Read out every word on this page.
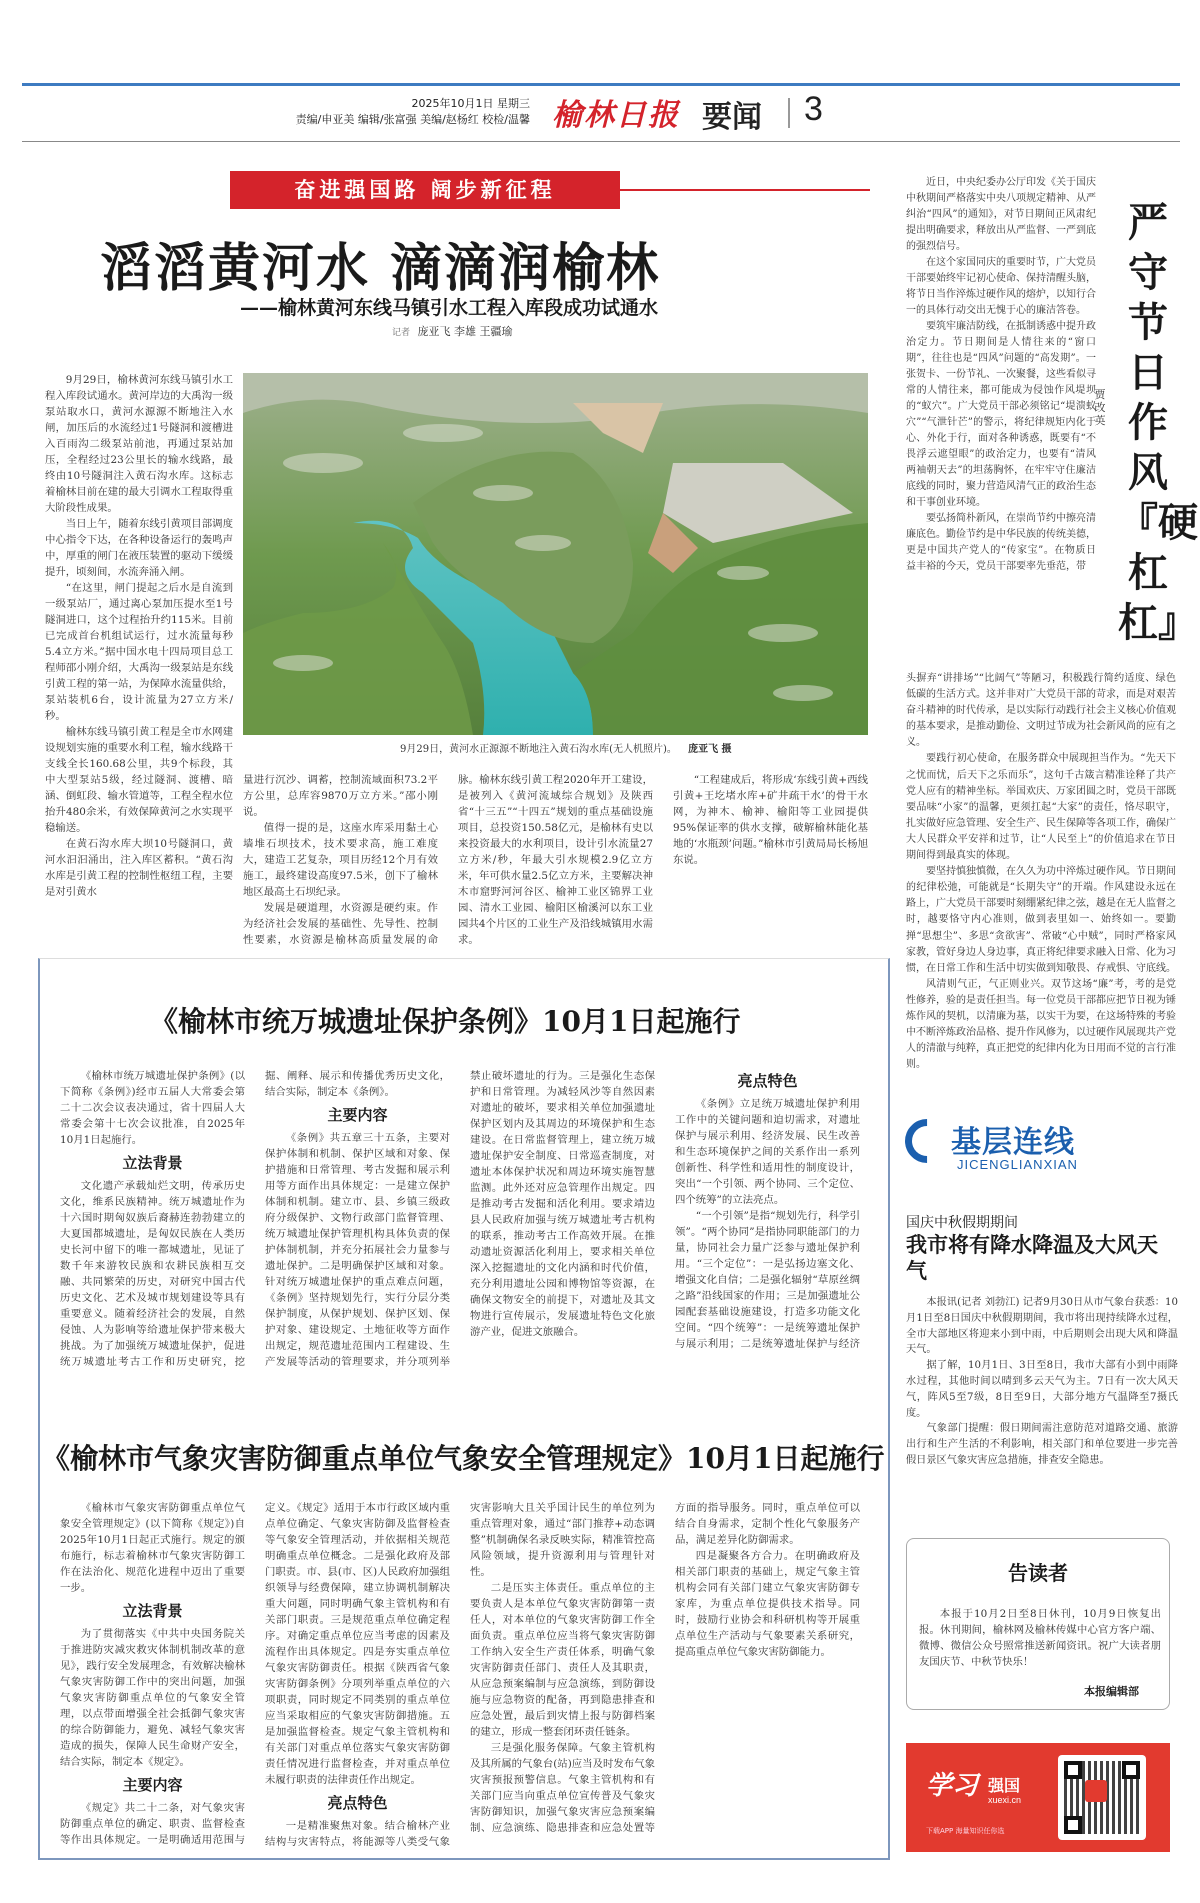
2025年10月1日 星期三
责编/申亚美 编辑/张富强 美编/赵杨红 校检/温馨 榆林日报 要闻 3
奋进强国路 阔步新征程
滔滔黄河水 滴滴润榆林
——榆林黄河东线马镇引水工程入库段成功试通水
记者 庞亚飞 李雄 王疆瑜

9月29日，榆林黄河东线马镇引水工程入库段试通水。黄河岸边的大禹沟一级泵站取水口，黄河水源源不断地注入水闸，加压后的水流经过1号隧洞和渡槽进入百雨沟二级泵站前池，再通过泵站加压，全程经过23公里长的输水线路，最终由10号隧洞注入黄石沟水库。这标志着榆林目前在建的最大引调水工程取得重大阶段性成果。

当日上午，随着东线引黄项目部调度中心指令下达，在各种设备运行的轰鸣声中，厚重的闸门在液压装置的驱动下缓缓提升，顷刻间，水流奔涌入闸。

“在这里，闸门提起之后水是自流到一级泵站厂，通过离心泵加压提水至1号隧洞进口，这个过程抬升约115米。目前已完成首台机组试运行，过水流量每秒5.4立方米。”据中国水电十四局项目总工程师邵小刚介绍，大禹沟一级泵站是东线引黄工程的第一站，为保障水流量供给，泵站装机6台，设计流量为27立方米/秒。

榆林东线马镇引黄工程是全市水网建设规划实施的重要水利工程，输水线路干支线全长160.68公里，共9个标段，其中大型泵站5级，经过隧洞、渡槽、暗涵、倒虹段、输水管道等，工程全程水位抬升480余米，有效保障黄河之水实现平稳输送。

在黄石沟水库大坝10号隧洞口，黄河水汩汩涌出，注入库区蓄积。“黄石沟水库是引黄工程的控制性枢纽工程，主要是对引黄水

9月29日，黄河水正源源不断地注入黄石沟水库(无人机照片)。 庞亚飞 摄

量进行沉沙、调蓄，控制流域面积73.2平方公里，总库容9870万立方米。”邵小刚说。

值得一提的是，这座水库采用黏土心墙堆石坝技术，技术要求高，施工难度大，建造工艺复杂，项目历经12个月有效施工，最终建设高度97.5米，创下了榆林地区最高土石坝纪录。

发展是硬道理，水资源是硬约束。作为经济社会发展的基础性、先导性、控制性要素，水资源是榆林高质量发展的命脉。榆林东线引黄工程2020年开工建设，是被列入《黄河流域综合规划》及陕西省“十三五”“十四五”规划的重点基础设施项目，总投资150.58亿元，是榆林有史以来投资最大的水利项目，设计引水流量27立方米/秒，年最大引水规模2.9亿立方米，年可供水量2.5亿立方米，主要解决神木市窟野河河谷区、榆神工业区锦界工业园、清水工业园、榆阳区榆溪河以东工业园共4个片区的工业生产及沿线城镇用水需求。

“工程建成后，将形成‘东线引黄+西线引黄+王圪堵水库+矿井疏干水’的骨干水网，为神木、榆神、榆阳等工业园提供95%保证率的供水支撑，破解榆林能化基地的‘水瓶颈’问题。”榆林市引黄局局长杨旭东说。

近日，中央纪委办公厅印发《关于国庆中秋期间严格落实中央八项规定精神、从严纠治“四风”的通知》，对节日期间正风肃纪提出明确要求，释放出从严监督、一严到底的强烈信号。

在这个家国同庆的重要时节，广大党员干部要始终牢记初心使命、保持清醒头脑，将节日当作淬炼过硬作风的熔炉，以知行合一的具体行动交出无愧于心的廉洁答卷。

要筑牢廉洁防线，在抵制诱惑中提升政治定力。节日期间是人情往来的“窗口期”，往往也是“四风”问题的“高发期”。一张贺卡、一份节礼、一次聚餐，这些看似寻常的人情往来，都可能成为侵蚀作风堤坝的“蚁穴”。广大党员干部必须铭记“堤溃蚁穴”“气泄针芒”的警示，将纪律规矩内化于心、外化于行，面对各种诱惑，既要有“不畏浮云遮望眼”的政治定力，也要有“清风两袖朝天去”的坦荡胸怀，在牢牢守住廉洁底线的同时，聚力营造风清气正的政治生态和干事创业环境。

要弘扬简朴新风，在崇尚节约中擦亮清廉底色。勤俭节约是中华民族的传统美德，更是中国共产党人的“传家宝”。在物质日益丰裕的今天，党员干部要率先垂范，带

严守节日作风『硬杠杠』
贾改英

头摒弃“讲排场”“比阔气”等陋习，积极践行简约适度、绿色低碳的生活方式。这并非对广大党员干部的苛求，而是对艰苦奋斗精神的时代传承，是以实际行动践行社会主义核心价值观的基本要求，是推动勤俭、文明过节成为社会新风尚的应有之义。

要践行初心使命，在服务群众中展现担当作为。“先天下之忧而忧，后天下之乐而乐”，这句千古箴言精准诠释了共产党人应有的精神坐标。举国欢庆、万家团圆之时，党员干部既要品味“小家”的温馨，更须扛起“大家”的责任，恪尽职守，扎实做好应急管理、安全生产、民生保障等各项工作，确保广大人民群众平安祥和过节，让“人民至上”的价值追求在节日期间得到最真实的体现。

要坚持慎独慎微，在久久为功中淬炼过硬作风。节日期间的纪律松弛，可能就是“长期失守”的开端。作风建设永远在路上，广大党员干部要时刻绷紧纪律之弦，越是在无人监督之时，越要恪守内心准则，做到表里如一、始终如一。要勤掸“思想尘”、多思“贪欲害”、常破“心中贼”，同时严格家风家教，管好身边人身边事，真正将纪律要求融入日常、化为习惯，在日常工作和生活中切实做到知敬畏、存戒惧、守底线。

风清则气正，气正则业兴。双节这场“廉”考，考的是党性修养，验的是责任担当。每一位党员干部都应把节日视为锤炼作风的契机，以清廉为基，以实干为要，在这场特殊的考验中不断淬炼政治品格、提升作风修为，以过硬作风展现共产党人的清澈与纯粹，真正把党的纪律内化为日用而不觉的言行准则。

《榆林市统万城遗址保护条例》10月1日起施行

《榆林市统万城遗址保护条例》(以下简称《条例》)经市五届人大常委会第二十二次会议表决通过，省十四届人大常委会第十七次会议批准，自2025年10月1日起施行。

立法背景

文化遗产承载灿烂文明，传承历史文化，维系民族精神。统万城遗址作为十六国时期匈奴族后裔赫连勃勃建立的大夏国都城遗址，是匈奴民族在人类历史长河中留下的唯一都城遗址，见证了数千年来游牧民族和农耕民族相互交融、共同繁荣的历史，对研究中国古代历史文化、艺术及城市规划建设等具有重要意义。随着经济社会的发展，自然侵蚀、人为影响等给遗址保护带来极大挑战。为了加强统万城遗址保护，促进统万城遗址考古工作和历史研究，挖掘、阐释、展示和传播优秀历史文化，结合实际，制定本《条例》。

主要内容

《条例》共五章三十五条，主要对保护体制和机制、保护区域和对象、保护措施和日常管理、考古发掘和展示利用等方面作出具体规定：一是建立保护体制和机制。建立市、县、乡镇三级政府分级保护、文物行政部门监督管理、统万城遗址保护管理机构具体负责的保护体制机制，并充分拓展社会力量参与遗址保护。二是明确保护区域和对象。针对统万城遗址保护的重点难点问题，《条例》坚持规划先行，实行分层分类保护制度，从保护规划、保护区划、保护对象、建设规定、土地征收等方面作出规定，规范遗址范围内工程建设、生产发展等活动的管理要求，并分项列举禁止破坏遗址的行为。三是强化生态保护和日常管理。为减轻风沙等自然因素对遗址的破坏，要求相关单位加强遗址保护区划内及其周边的环境保护和生态建设。在日常监督管理上，建立统万城遗址保护安全制度、日常巡查制度，对遗址本体保护状况和周边环境实施智慧监测。此外还对应急管理作出规定。四是推动考古发掘和活化利用。要求靖边县人民政府加强与统万城遗址考古机构的联系，推动考古工作高效开展。在推动遗址资源活化利用上，要求相关单位深入挖掘遗址的文化内涵和时代价值，充分利用遗址公园和博物馆等资源，在确保文物安全的前提下，对遗址及其文物进行宣传展示，发展遗址特色文化旅游产业，促进文旅融合。

亮点特色

《条例》立足统万城遗址保护利用工作中的关键问题和迫切需求，对遗址保护与展示利用、经济发展、民生改善和生态环境保护之间的关系作出一系列创新性、科学性和适用性的制度设计，突出“一个引领、两个协同、三个定位、四个统筹”的立法亮点。

“一个引领”是指“规划先行，科学引领”。“两个协同”是指协同职能部门的力量，协同社会力量广泛参与遗址保护利用。“三个定位”：一是弘扬边塞文化、增强文化自信；二是强化辐射“草原丝绸之路”沿线国家的作用；三是加强遗址公园配套基础设施建设，打造多功能文化空间。“四个统筹”：一是统筹遗址保护与展示利用；二是统筹遗址保护与经济

《榆林市气象灾害防御重点单位气象安全管理规定》10月1日起施行

《榆林市气象灾害防御重点单位气象安全管理规定》(以下简称《规定》)自2025年10月1日起正式施行。规定的颁布施行，标志着榆林市气象灾害防御工作在法治化、规范化进程中迈出了重要一步。

立法背景

为了贯彻落实《中共中央国务院关于推进防灾减灾救灾体制机制改革的意见》，践行安全发展理念，有效解决榆林气象灾害防御工作中的突出问题，加强气象灾害防御重点单位的气象安全管理，以点带面增强全社会抵御气象灾害的综合防御能力，避免、减轻气象灾害造成的损失，保障人民生命财产安全，结合实际，制定本《规定》。

主要内容

《规定》共二十二条，对气象灾害防御重点单位的确定、职责、监督检查等作出具体规定。一是明确适用范围与定义。《规定》适用于本市行政区域内重点单位确定、气象灾害防御及监督检查等气象安全管理活动，并依据相关规范明确重点单位概念。二是强化政府及部门职责。市、县(市、区)人民政府加强组织领导与经费保障，建立协调机制解决重大问题，同时明确气象主管机构和有关部门职责。三是规范重点单位确定程序。对确定重点单位应当考虑的因素及流程作出具体规定。四是夯实重点单位气象灾害防御责任。根据《陕西省气象灾害防御条例》分项列举重点单位的六项职责，同时规定不同类别的重点单位应当采取相应的气象灾害防御措施。五是加强监督检查。规定气象主管机构和有关部门对重点单位落实气象灾害防御责任情况进行监督检查，并对重点单位未履行职责的法律责任作出规定。

亮点特色

一是精准聚焦对象。结合榆林产业结构与灾害特点，将能源等八类受气象灾害影响大且关乎国计民生的单位列为重点管理对象，通过“部门推荐+动态调整”机制确保名录反映实际，精准管控高风险领域，提升资源利用与管理针对性。

二是压实主体责任。重点单位的主要负责人是本单位气象灾害防御第一责任人，对本单位的气象灾害防御工作全面负责。重点单位应当将气象灾害防御工作纳入安全生产责任体系，明确气象灾害防御责任部门、责任人及其职责，从应急预案编制与应急演练，到防御设施与应急物资的配备，再到隐患排查和应急处置，最后到灾情上报与防御档案的建立，形成一整套闭环责任链条。

三是强化服务保障。气象主管机构及其所属的气象台(站)应当及时发布气象灾害预报预警信息。气象主管机构和有关部门应当向重点单位宣传普及气象灾害防御知识，加强气象灾害应急预案编制、应急演练、隐患排查和应急处置等方面的指导服务。同时，重点单位可以结合自身需求，定制个性化气象服务产品，满足差异化防御需求。

四是凝聚各方合力。在明确政府及相关部门职责的基础上，规定气象主管机构会同有关部门建立气象灾害防御专家库，为重点单位提供技术指导。同时，鼓励行业协会和科研机构等开展重点单位生产活动与气象要素关系研究，提高重点单位气象灾害防御能力。

基层连线
JICENGLIANXIAN
国庆中秋假期期间
我市将有降水降温及大风天气

本报讯(记者 刘勃江) 记者9月30日从市气象台获悉：10月1日至8日国庆中秋假期期间，我市将出现持续降水过程，全市大部地区将迎来小到中雨，中后期则会出现大风和降温天气。

据了解，10月1日、3日至8日，我市大部有小到中雨降水过程，其他时间以晴到多云天气为主。7日有一次大风天气，阵风5至7级，8日至9日，大部分地方气温降至7摄氏度。

气象部门提醒：假日期间需注意防范对道路交通、旅游出行和生产生活的不利影响，相关部门和单位要进一步完善假日景区气象灾害应急措施，排查安全隐患。

告读者

本报于10月2日至8日休刊，10月9日恢复出报。休刊期间，榆林网及榆林传媒中心官方客户端、微博、微信公众号照常推送新闻资讯。祝广大读者朋友国庆节、中秋节快乐！

本报编辑部
学习 强国
xuexi.cn
下载APP 海量知识任你选
